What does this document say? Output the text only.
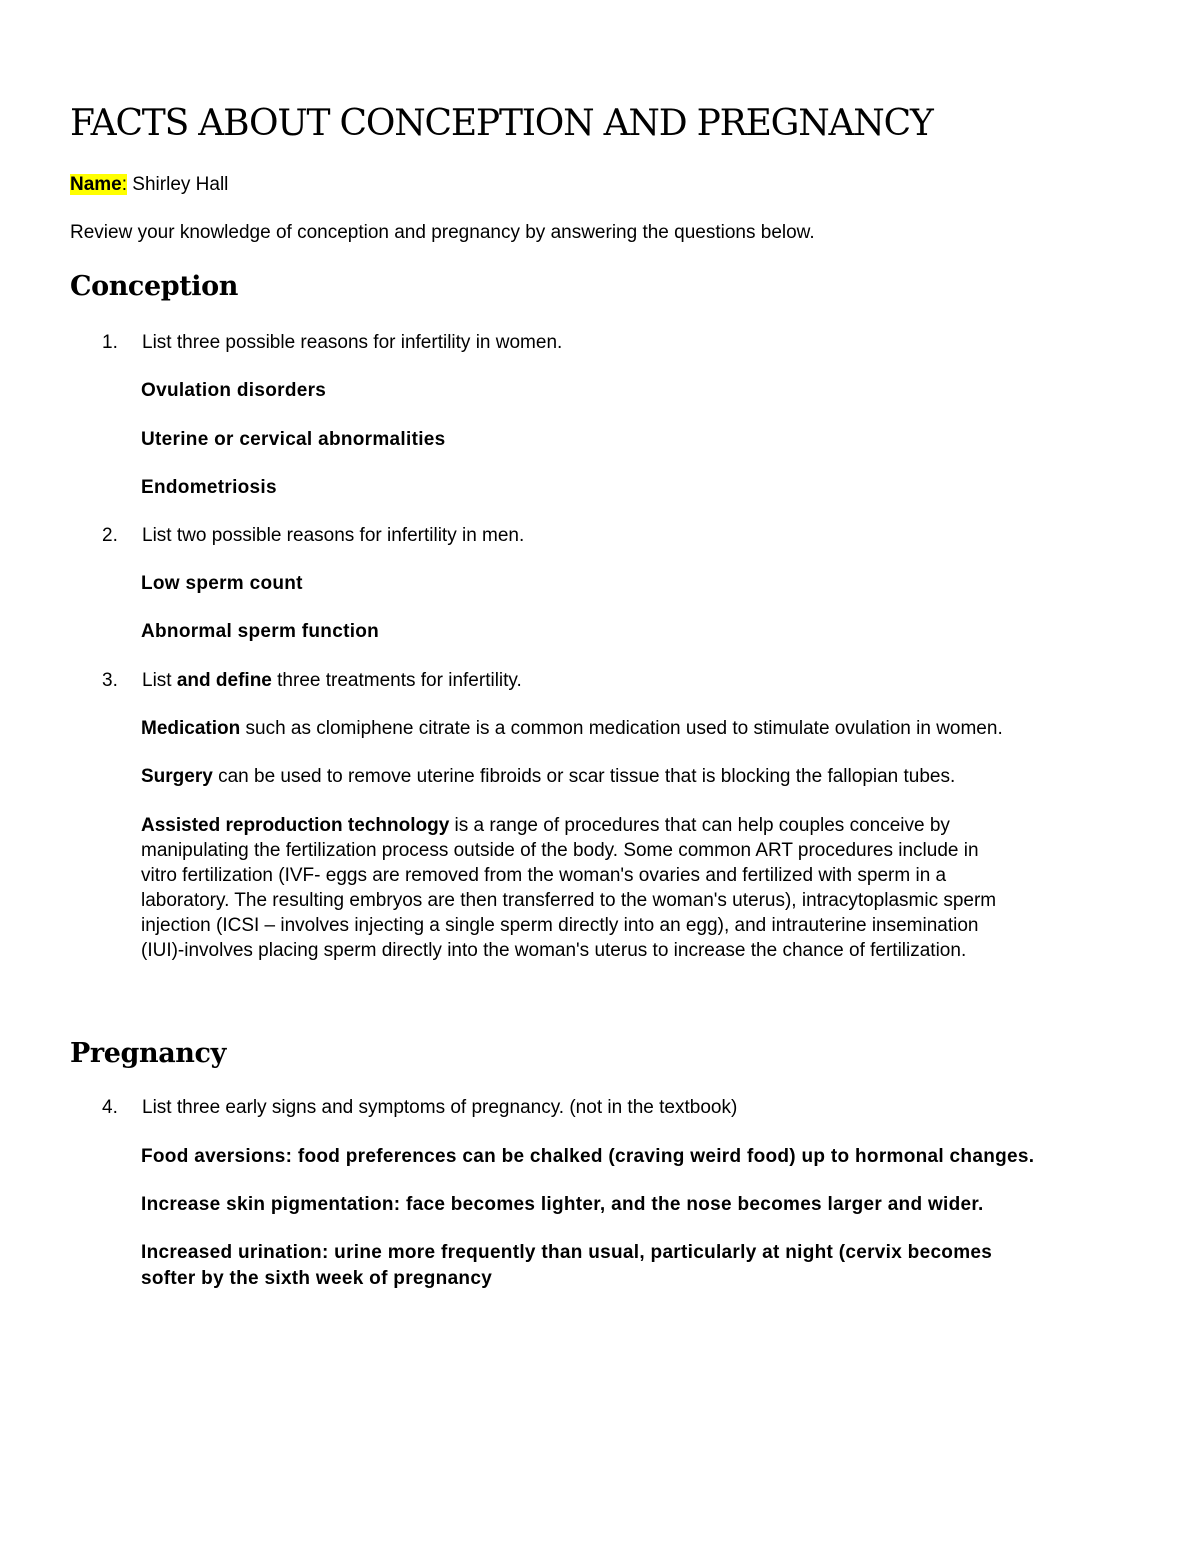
FACTS ABOUT CONCEPTION AND PREGNANCY
Name: Shirley Hall
Review your knowledge of conception and pregnancy by answering the questions below.
Conception
1. List three possible reasons for infertility in women.
Ovulation disorders
Uterine or cervical abnormalities
Endometriosis
2. List two possible reasons for infertility in men.
Low sperm count
Abnormal sperm function
3. List and define three treatments for infertility.
Medication such as clomiphene citrate is a common medication used to stimulate ovulation in women.
Surgery can be used to remove uterine fibroids or scar tissue that is blocking the fallopian tubes.
Assisted reproduction technology is a range of procedures that can help couples conceive by
manipulating the fertilization process outside of the body. Some common ART procedures include in
vitro fertilization (IVF- eggs are removed from the woman's ovaries and fertilized with sperm in a
laboratory. The resulting embryos are then transferred to the woman's uterus), intracytoplasmic sperm
injection (ICSI – involves injecting a single sperm directly into an egg), and intrauterine insemination
(IUI)-involves placing sperm directly into the woman's uterus to increase the chance of fertilization.
Pregnancy
4. List three early signs and symptoms of pregnancy. (not in the textbook)
Food aversions: food preferences can be chalked (craving weird food) up to hormonal changes.
Increase skin pigmentation: face becomes lighter, and the nose becomes larger and wider.
Increased urination: urine more frequently than usual, particularly at night (cervix becomes
softer by the sixth week of pregnancy
